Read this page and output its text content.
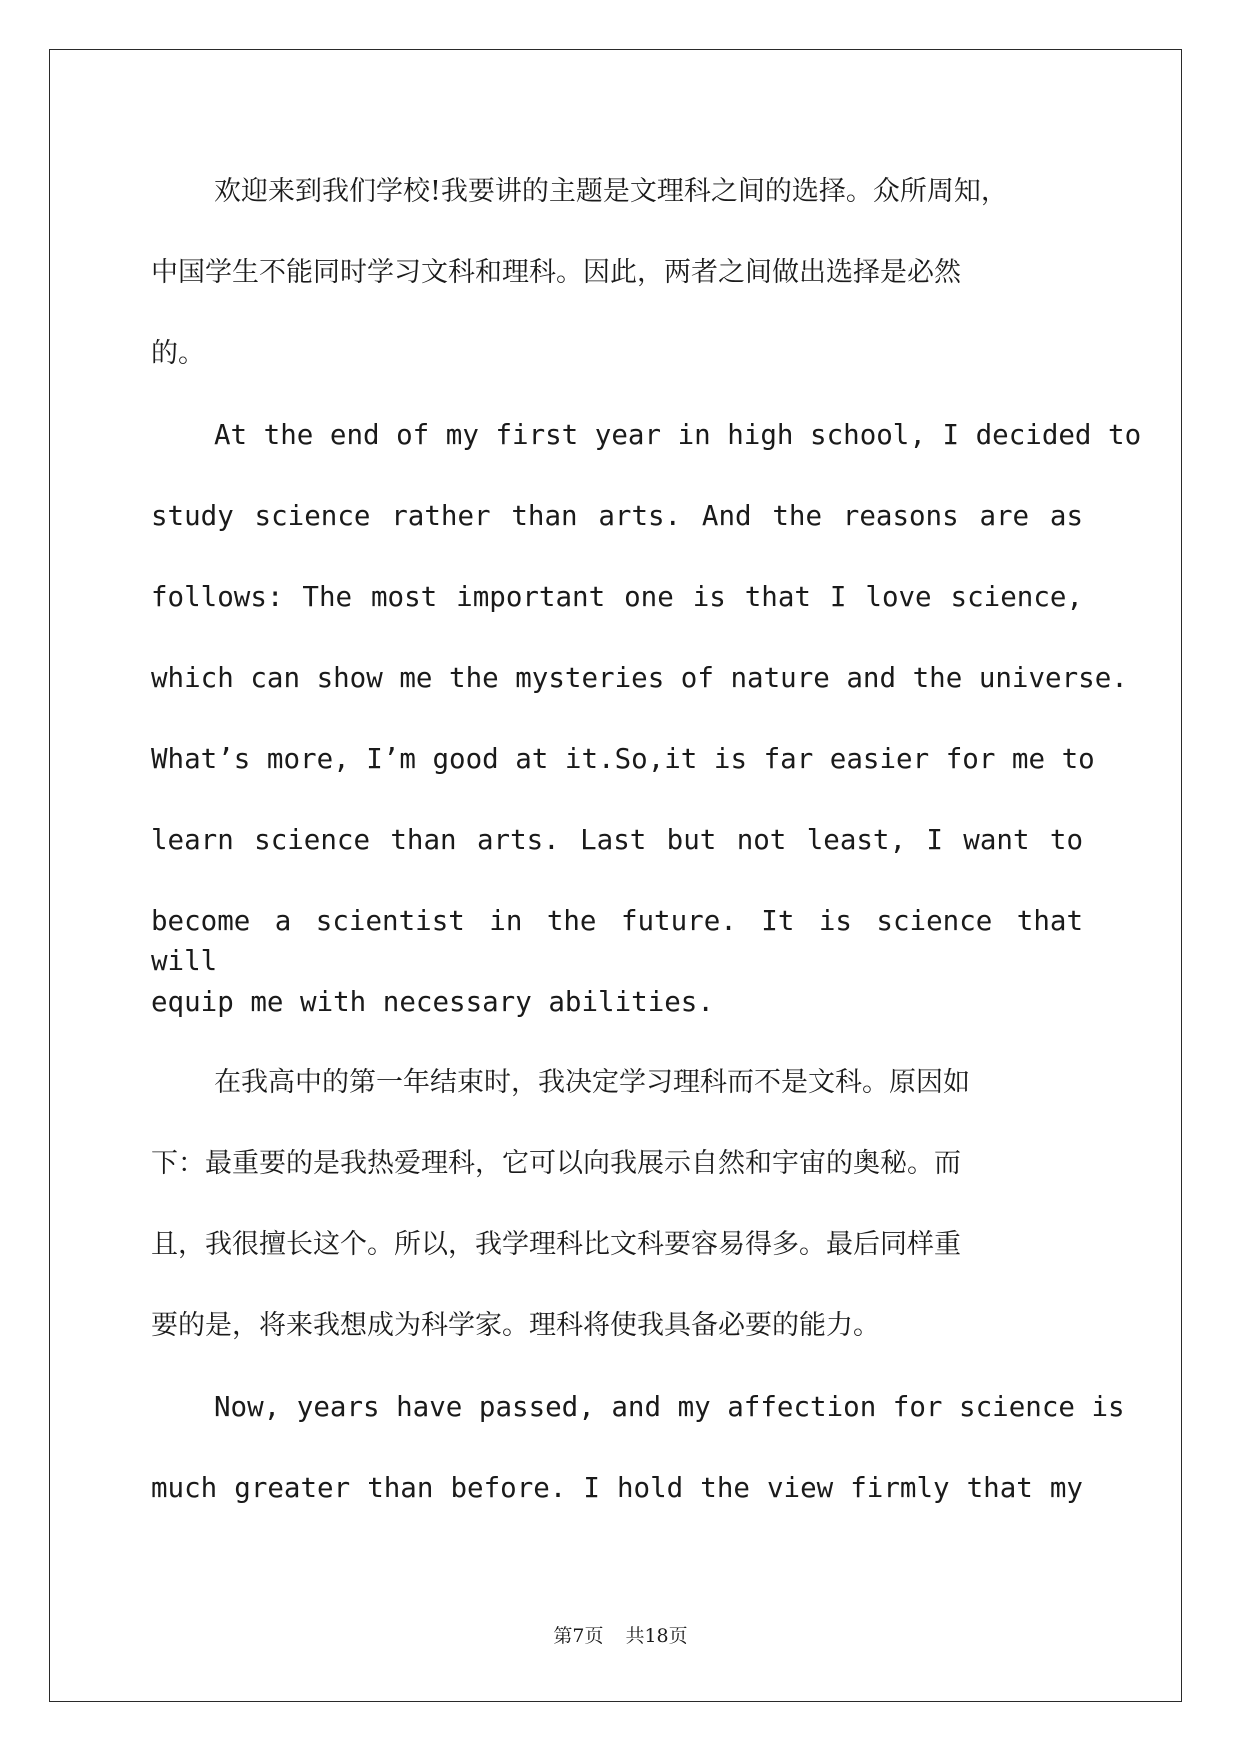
欢迎来到我们学校!我要讲的主题是文理科之间的选择。众所周知，
中国学生不能同时学习文科和理科。因此，两者之间做出选择是必然
的。
At the end of my first year in high school, I decided to
study science rather than arts. And the reasons are as
follows: The most important one is that I love science,
which can show me the mysteries of nature and the universe.
What’s more, I’m good at it.So,it is far easier for me to
learn science than arts. Last but not least, I want to
become a scientist in the future. It is science that will
equip me with necessary abilities.
在我高中的第一年结束时，我决定学习理科而不是文科。原因如
下：最重要的是我热爱理科，它可以向我展示自然和宇宙的奥秘。而
且，我很擅长这个。所以，我学理科比文科要容易得多。最后同样重
要的是，将来我想成为科学家。理科将使我具备必要的能力。
Now, years have passed, and my affection for science is
much greater than before. I hold the view firmly that my
第7页 共18页
